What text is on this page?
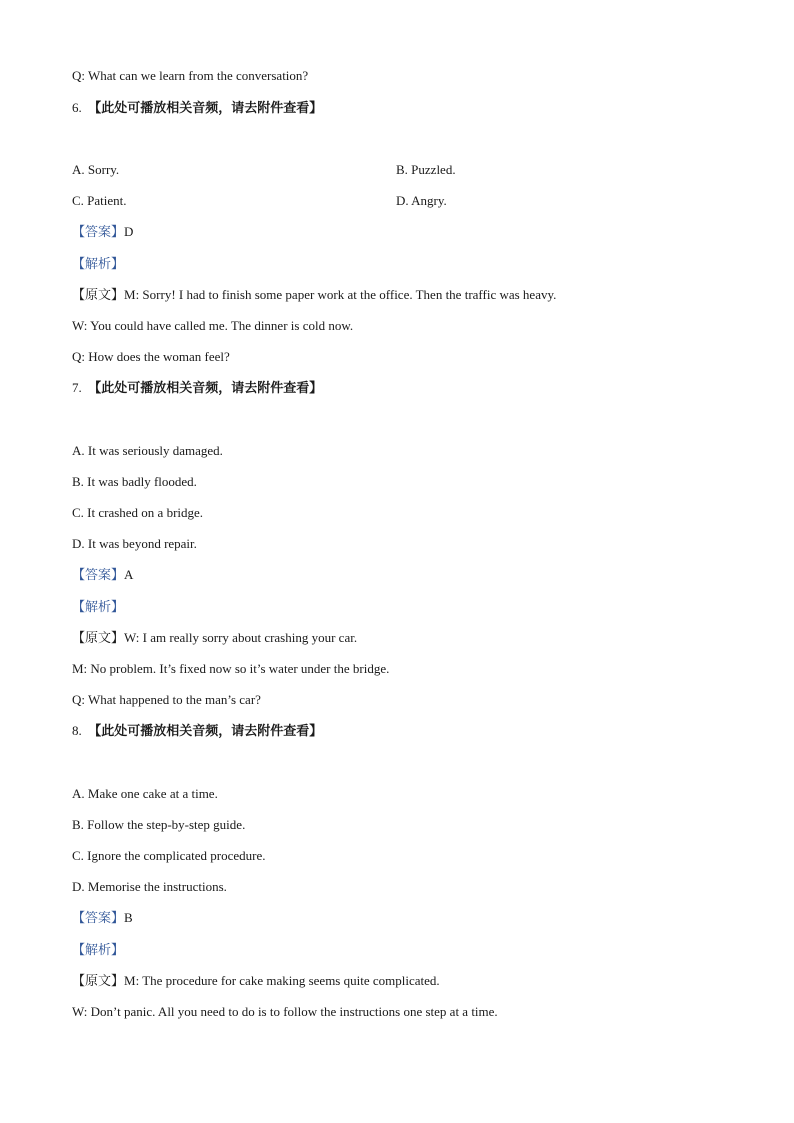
Q: What can we learn from the conversation?
6. 【此处可播放相关音频，请去附件查看】
A. Sorry.	B. Puzzled.
C. Patient.	D. Angry.
【答案】D
【解析】
【原文】M: Sorry! I had to finish some paper work at the office. Then the traffic was heavy.
W: You could have called me. The dinner is cold now.
Q: How does the woman feel?
7. 【此处可播放相关音频，请去附件查看】
A. It was seriously damaged.
B. It was badly flooded.
C. It crashed on a bridge.
D. It was beyond repair.
【答案】A
【解析】
【原文】W: I am really sorry about crashing your car.
M: No problem. It’s fixed now so it’s water under the bridge.
Q: What happened to the man’s car?
8. 【此处可播放相关音频，请去附件查看】
A. Make one cake at a time.
B. Follow the step-by-step guide.
C. Ignore the complicated procedure.
D. Memorise the instructions.
【答案】B
【解析】
【原文】M: The procedure for cake making seems quite complicated.
W: Don’t panic. All you need to do is to follow the instructions one step at a time.
